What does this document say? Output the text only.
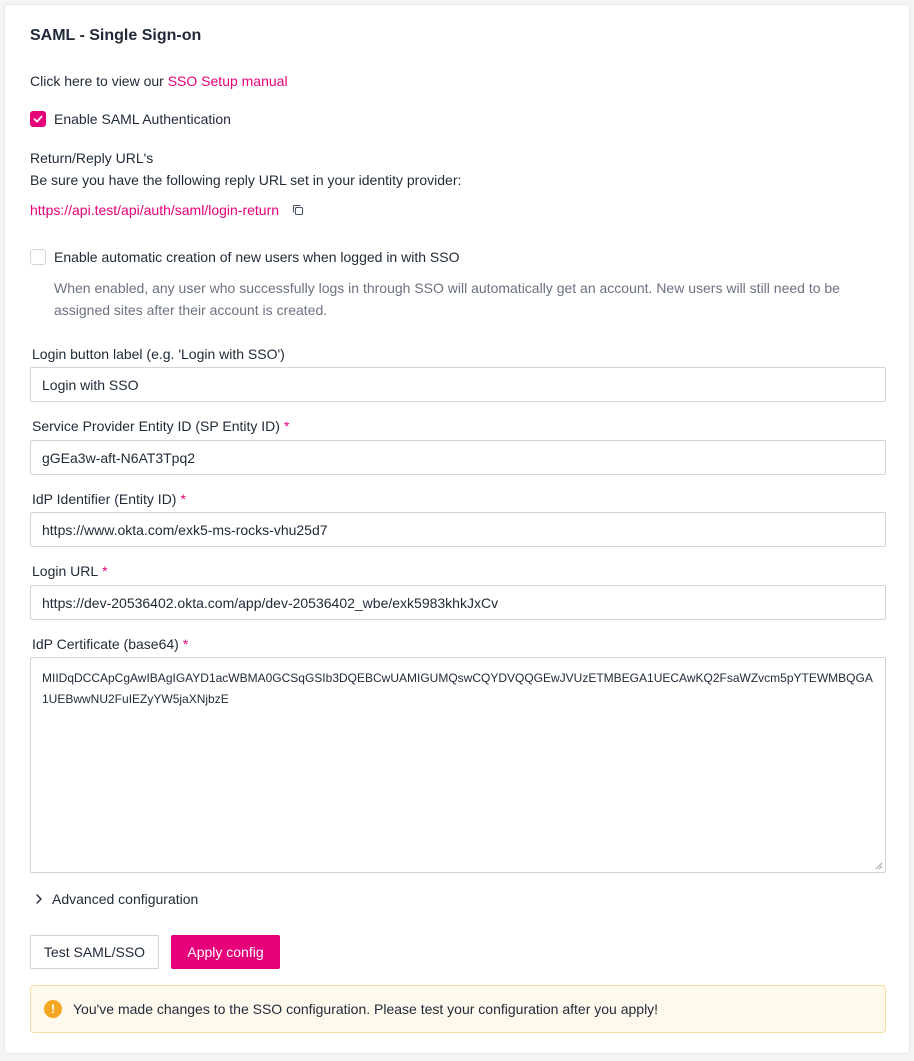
SAML - Single Sign-on
Click here to view our SSO Setup manual
Enable SAML Authentication
Return/Reply URL's
Be sure you have the following reply URL set in your identity provider:
https://api.test/api/auth/saml/login-return
Enable automatic creation of new users when logged in with SSO
When enabled, any user who successfully logs in through SSO will automatically get an account. New users will still need to be assigned sites after their account is created.
Login button label (e.g. 'Login with SSO')
Login with SSO
Service Provider Entity ID (SP Entity ID) *
gGEa3w-aft-N6AT3Tpq2
IdP Identifier (Entity ID) *
https://www.okta.com/exk5-ms-rocks-vhu25d7
Login URL *
https://dev-20536402.okta.com/app/dev-20536402_wbe/exk5983khkJxCv
IdP Certificate (base64) *
MIIDqDCCApCgAwIBAgIGAYD1acWBMA0GCSqGSIb3DQEBCwUAMIGUMQswCQYDVQQGEwJVUzETMBEGA1UECAwKQ2FsaWZvcm5pYTEWMBQGA1UEBwwNU2FuIEZyYW5jaXNjbzE
Advanced configuration
Test SAML/SSO	Apply config
!	You've made changes to the SSO configuration. Please test your configuration after you apply!
